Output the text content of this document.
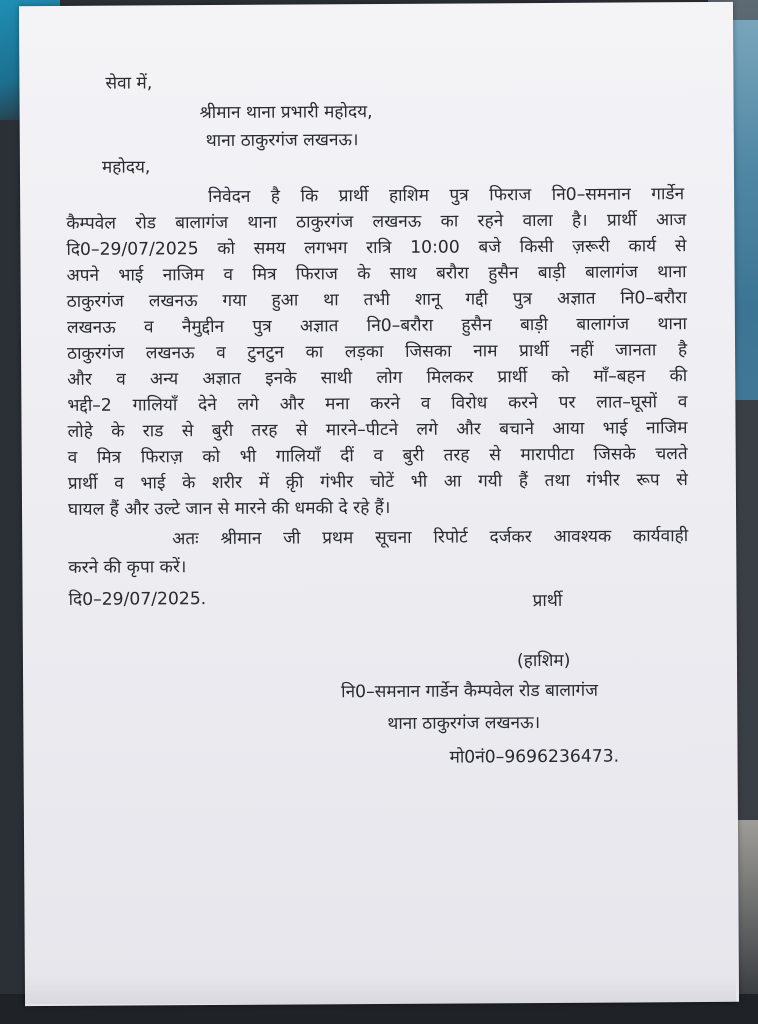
सेवा में,
श्रीमान थाना प्रभारी महोदय,
थाना ठाकुरगंज लखनऊ।
महोदय,
निवेदन है कि प्रार्थी हाशिम पुत्र फिराज नि0–समनान गार्डेन
कैम्पवेल रोड बालागंज थाना ठाकुरगंज लखनऊ का रहने वाला है। प्रार्थी आज
दि0–29/07/2025 को समय लगभग रात्रि 10:00 बजे किसी ज़रूरी कार्य से
अपने भाई नाजिम व मित्र फिराज के साथ बरौरा हुसैन बाड़ी बालागंज थाना
ठाकुरगंज लखनऊ गया हुआ था तभी शानू गद्दी पुत्र अज्ञात नि0–बरौरा
लखनऊ व नैमुद्दीन पुत्र अज्ञात नि0–बरौरा हुसैन बाड़ी बालागंज थाना
ठाकुरगंज लखनऊ व टुनटुन का लड़का जिसका नाम प्रार्थी नहीं जानता है
और व अन्य अज्ञात इनके साथी लोग मिलकर प्रार्थी को माँ–बहन की
भद्दी–2 गालियाँ देने लगे और मना करने व विरोध करने पर लात–घूसों व
लोहे के राड से बुरी तरह से मारने–पीटने लगे और बचाने आया भाई नाजिम
व मित्र फिराज़ को भी गालियाँ दीं व बुरी तरह से मारापीटा जिसके चलते
प्रार्थी व भाई के शरीर में कृ़ी गंभीर चोटें भी आ गयी हैं तथा गंभीर रूप से
घायल हैं और उल्टे जान से मारने की धमकी दे रहे हैं।
अतः श्रीमान जी प्रथम सूचना रिपोर्ट दर्जकर आवश्यक कार्यवाही
करने की कृपा करें।
दि0–29/07/2025.	प्रार्थी
(हाशिम)
नि0–समनान गार्डेन कैम्पवेल रोड बालागंज
थाना ठाकुरगंज लखनऊ।
मो0नं0–9696236473.
